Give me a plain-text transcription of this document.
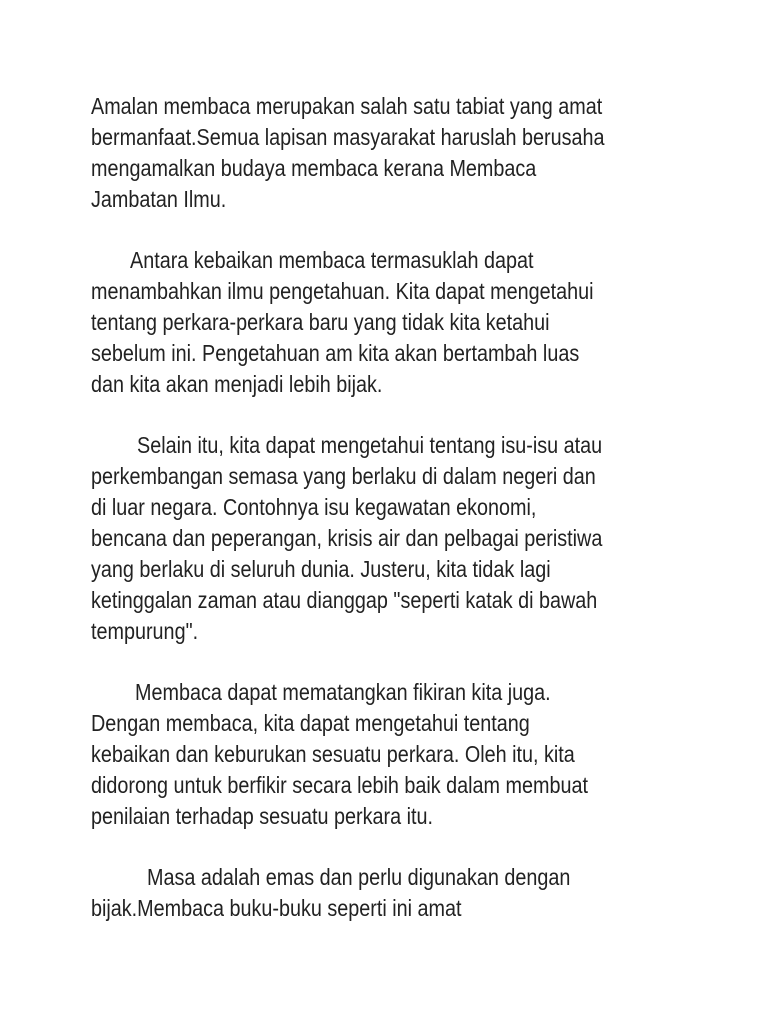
Amalan membaca merupakan salah satu tabiat yang amat

bermanfaat.Semua lapisan masyarakat haruslah berusaha

mengamalkan budaya membaca kerana Membaca

Jambatan Ilmu.

Antara kebaikan membaca termasuklah dapat

menambahkan ilmu pengetahuan. Kita dapat mengetahui

tentang perkara-perkara baru yang tidak kita ketahui

sebelum ini. Pengetahuan am kita akan bertambah luas

dan kita akan menjadi lebih bijak.

Selain itu, kita dapat mengetahui tentang isu-isu atau

perkembangan semasa yang berlaku di dalam negeri dan

di luar negara. Contohnya isu kegawatan ekonomi,

bencana dan peperangan, krisis air dan pelbagai peristiwa

yang berlaku di seluruh dunia. Justeru, kita tidak lagi

ketinggalan zaman atau dianggap "seperti katak di bawah

tempurung".

Membaca dapat mematangkan fikiran kita juga.

Dengan membaca, kita dapat mengetahui tentang

kebaikan dan keburukan sesuatu perkara. Oleh itu, kita

didorong untuk berfikir secara lebih baik dalam membuat

penilaian terhadap sesuatu perkara itu.

Masa adalah emas dan perlu digunakan dengan

bijak.Membaca buku-buku seperti ini amat
